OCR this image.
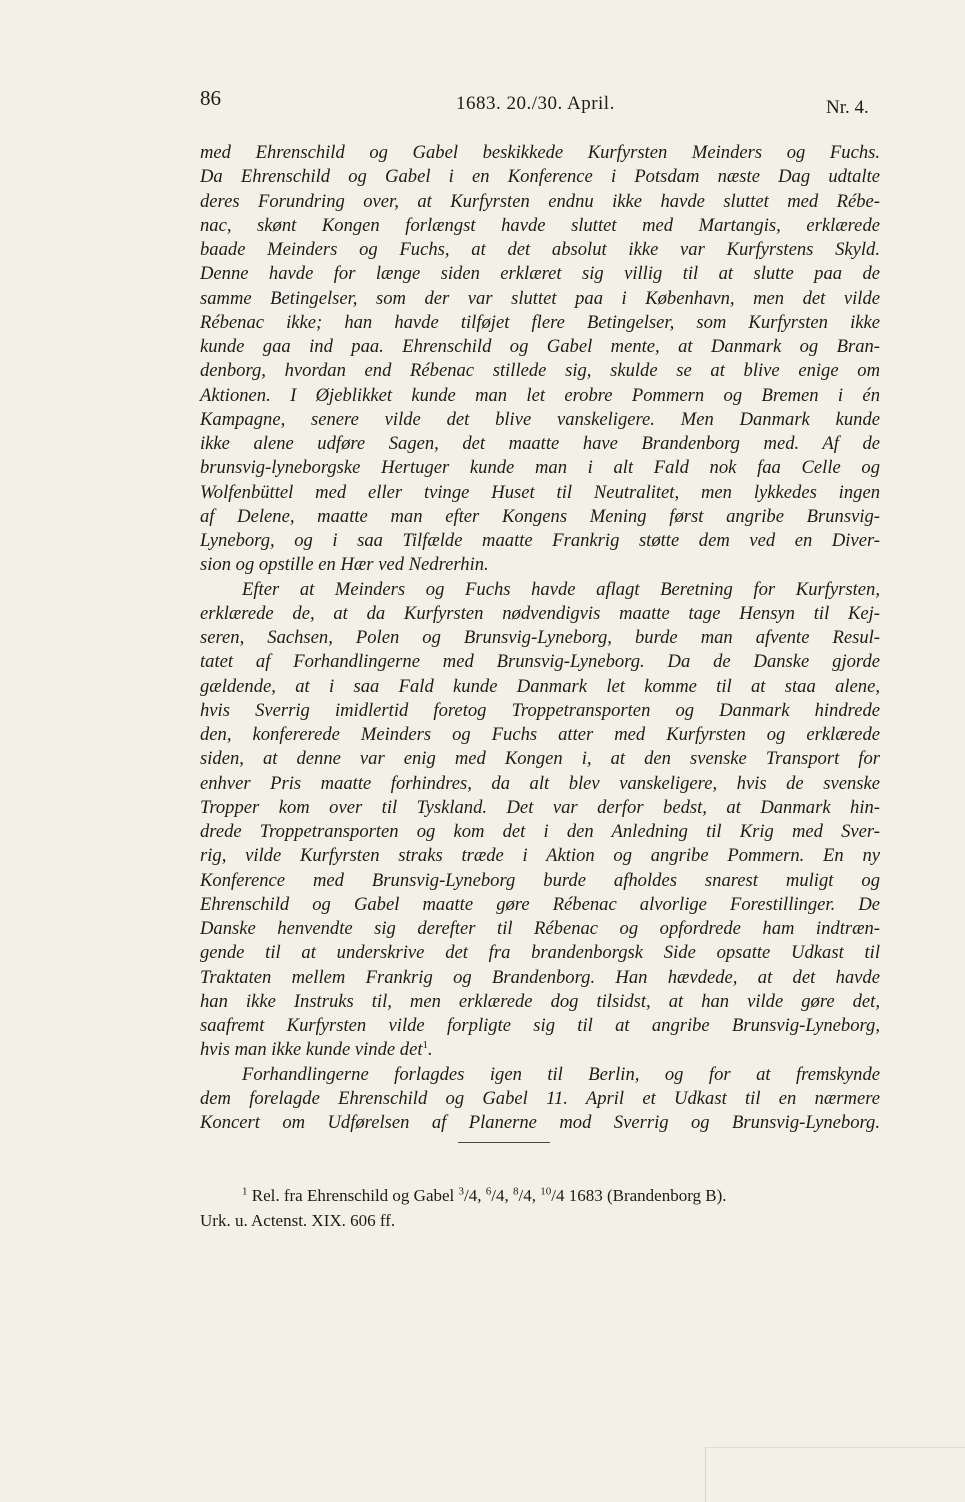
86	1683. 20./30. April.	Nr. 4.
med Ehrenschild og Gabel beskikkede Kurfyrsten Meinders og Fuchs.
Da Ehrenschild og Gabel i en Konference i Potsdam næste Dag udtalte
deres Forundring over, at Kurfyrsten endnu ikke havde sluttet med Rébe-
nac, skønt Kongen forlængst havde sluttet med Martangis, erklærede
baade Meinders og Fuchs, at det absolut ikke var Kurfyrstens Skyld.
Denne havde for længe siden erklæret sig villig til at slutte paa de
samme Betingelser, som der var sluttet paa i København, men det vilde
Rébenac ikke; han havde tilføjet flere Betingelser, som Kurfyrsten ikke
kunde gaa ind paa. Ehrenschild og Gabel mente, at Danmark og Bran-
denborg, hvordan end Rébenac stillede sig, skulde se at blive enige om
Aktionen. I Øjeblikket kunde man let erobre Pommern og Bremen i én
Kampagne, senere vilde det blive vanskeligere. Men Danmark kunde
ikke alene udføre Sagen, det maatte have Brandenborg med. Af de
brunsvig-lyneborgske Hertuger kunde man i alt Fald nok faa Celle og
Wolfenbüttel med eller tvinge Huset til Neutralitet, men lykkedes ingen
af Delene, maatte man efter Kongens Mening først angribe Brunsvig-
Lyneborg, og i saa Tilfælde maatte Frankrig støtte dem ved en Diver-
sion og opstille en Hær ved Nedrerhin.
Efter at Meinders og Fuchs havde aflagt Beretning for Kurfyrsten,
erklærede de, at da Kurfyrsten nødvendigvis maatte tage Hensyn til Kej-
seren, Sachsen, Polen og Brunsvig-Lyneborg, burde man afvente Resul-
tatet af Forhandlingerne med Brunsvig-Lyneborg. Da de Danske gjorde
gældende, at i saa Fald kunde Danmark let komme til at staa alene,
hvis Sverrig imidlertid foretog Troppetransporten og Danmark hindrede
den, konfererede Meinders og Fuchs atter med Kurfyrsten og erklærede
siden, at denne var enig med Kongen i, at den svenske Transport for
enhver Pris maatte forhindres, da alt blev vanskeligere, hvis de svenske
Tropper kom over til Tyskland. Det var derfor bedst, at Danmark hin-
drede Troppetransporten og kom det i den Anledning til Krig med Sver-
rig, vilde Kurfyrsten straks træde i Aktion og angribe Pommern. En ny
Konference med Brunsvig-Lyneborg burde afholdes snarest muligt og
Ehrenschild og Gabel maatte gøre Rébenac alvorlige Forestillinger. De
Danske henvendte sig derefter til Rébenac og opfordrede ham indtræn-
gende til at underskrive det fra brandenborgsk Side opsatte Udkast til
Traktaten mellem Frankrig og Brandenborg. Han hævdede, at det havde
han ikke Instruks til, men erklærede dog tilsidst, at han vilde gøre det,
saafremt Kurfyrsten vilde forpligte sig til at angribe Brunsvig-Lyneborg,
hvis man ikke kunde vinde $\det^1$.
Forhandlingerne forlagdes igen til Berlin, og for at fremskynde
dem forelagde Ehrenschild og Gabel 11. April et Udkast til en nærmere
Koncert om Udførelsen af Planerne mod Sverrig og Brunsvig-Lyneborg.
$^1$ Rel. fra Ehrenschild og Gabel $^3$/4, $^6$/4, $^8$/4, $^{10}$/4 1683 (Brandenborg B).
Urk. u. Actenst. XIX. 606 ff.
